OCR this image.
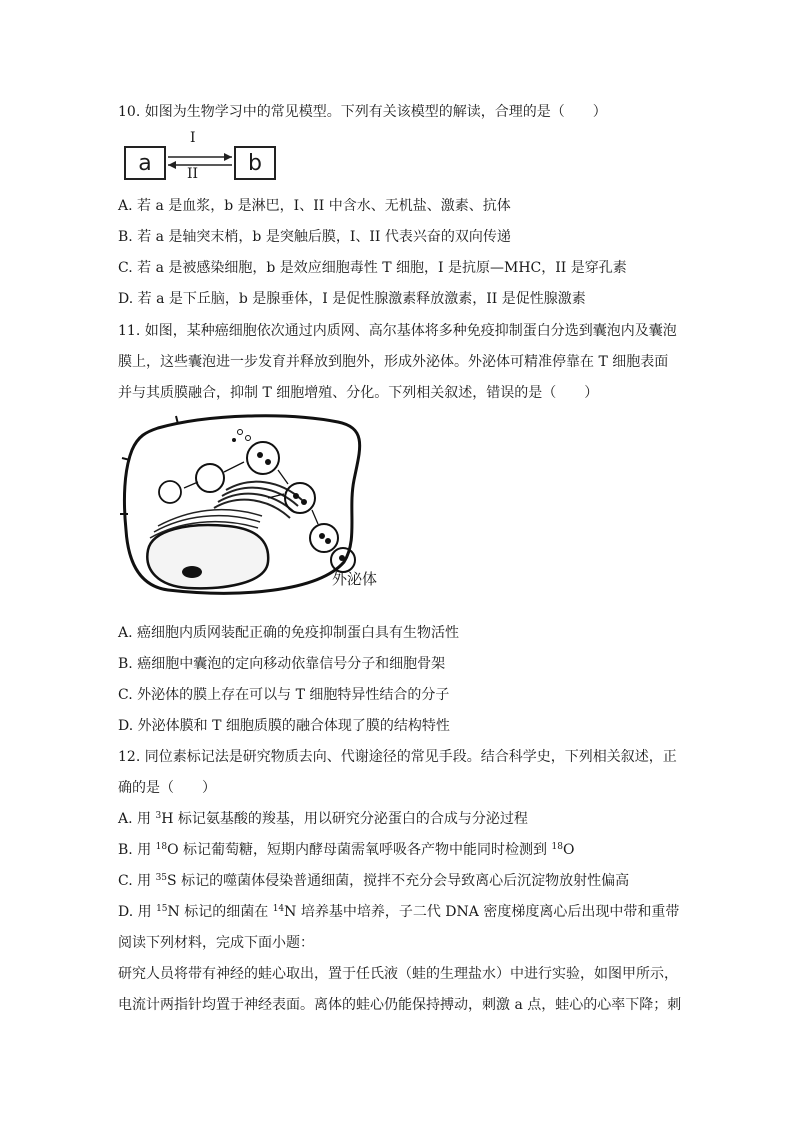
10. 如图为生物学习中的常见模型。下列有关该模型的解读，合理的是（　　）
a	b
I
II
A. 若 a 是血浆，b 是淋巴，I、II 中含水、无机盐、激素、抗体
B. 若 a 是轴突末梢，b 是突触后膜，I、II 代表兴奋的双向传递
C. 若 a 是被感染细胞，b 是效应细胞毒性 T 细胞，I 是抗原—MHC，II 是穿孔素
D. 若 a 是下丘脑，b 是腺垂体，I 是促性腺激素释放激素，II 是促性腺激素
11. 如图，某种癌细胞依次通过内质网、高尔基体将多种免疫抑制蛋白分选到囊泡内及囊泡
膜上，这些囊泡进一步发育并释放到胞外，形成外泌体。外泌体可精准停靠在 T 细胞表面
并与其质膜融合，抑制 T 细胞增殖、分化。下列相关叙述，错误的是（　　）
外泌体
A. 癌细胞内质网装配正确的免疫抑制蛋白具有生物活性
B. 癌细胞中囊泡的定向移动依靠信号分子和细胞骨架
C. 外泌体的膜上存在可以与 T 细胞特异性结合的分子
D. 外泌体膜和 T 细胞质膜的融合体现了膜的结构特性
12. 同位素标记法是研究物质去向、代谢途径的常见手段。结合科学史，下列相关叙述，正
确的是（　　）
A. 用 $^3$H 标记氨基酸的羧基，用以研究分泌蛋白的合成与分泌过程
B. 用 $^{18}$O 标记葡萄糖，短期内酵母菌需氧呼吸各产物中能同时检测到 $^{18}$O
C. 用 $^{35}$S 标记的噬菌体侵染普通细菌，搅拌不充分会导致离心后沉淀物放射性偏高
D. 用 $^{15}$N 标记的细菌在 $^{14}$N 培养基中培养，子二代 DNA 密度梯度离心后出现中带和重带
阅读下列材料，完成下面小题：
研究人员将带有神经的蛙心取出，置于任氏液（蛙的生理盐水）中进行实验，如图甲所示，
电流计两指针均置于神经表面。离体的蛙心仍能保持搏动，刺激 a 点，蛙心的心率下降；刺
